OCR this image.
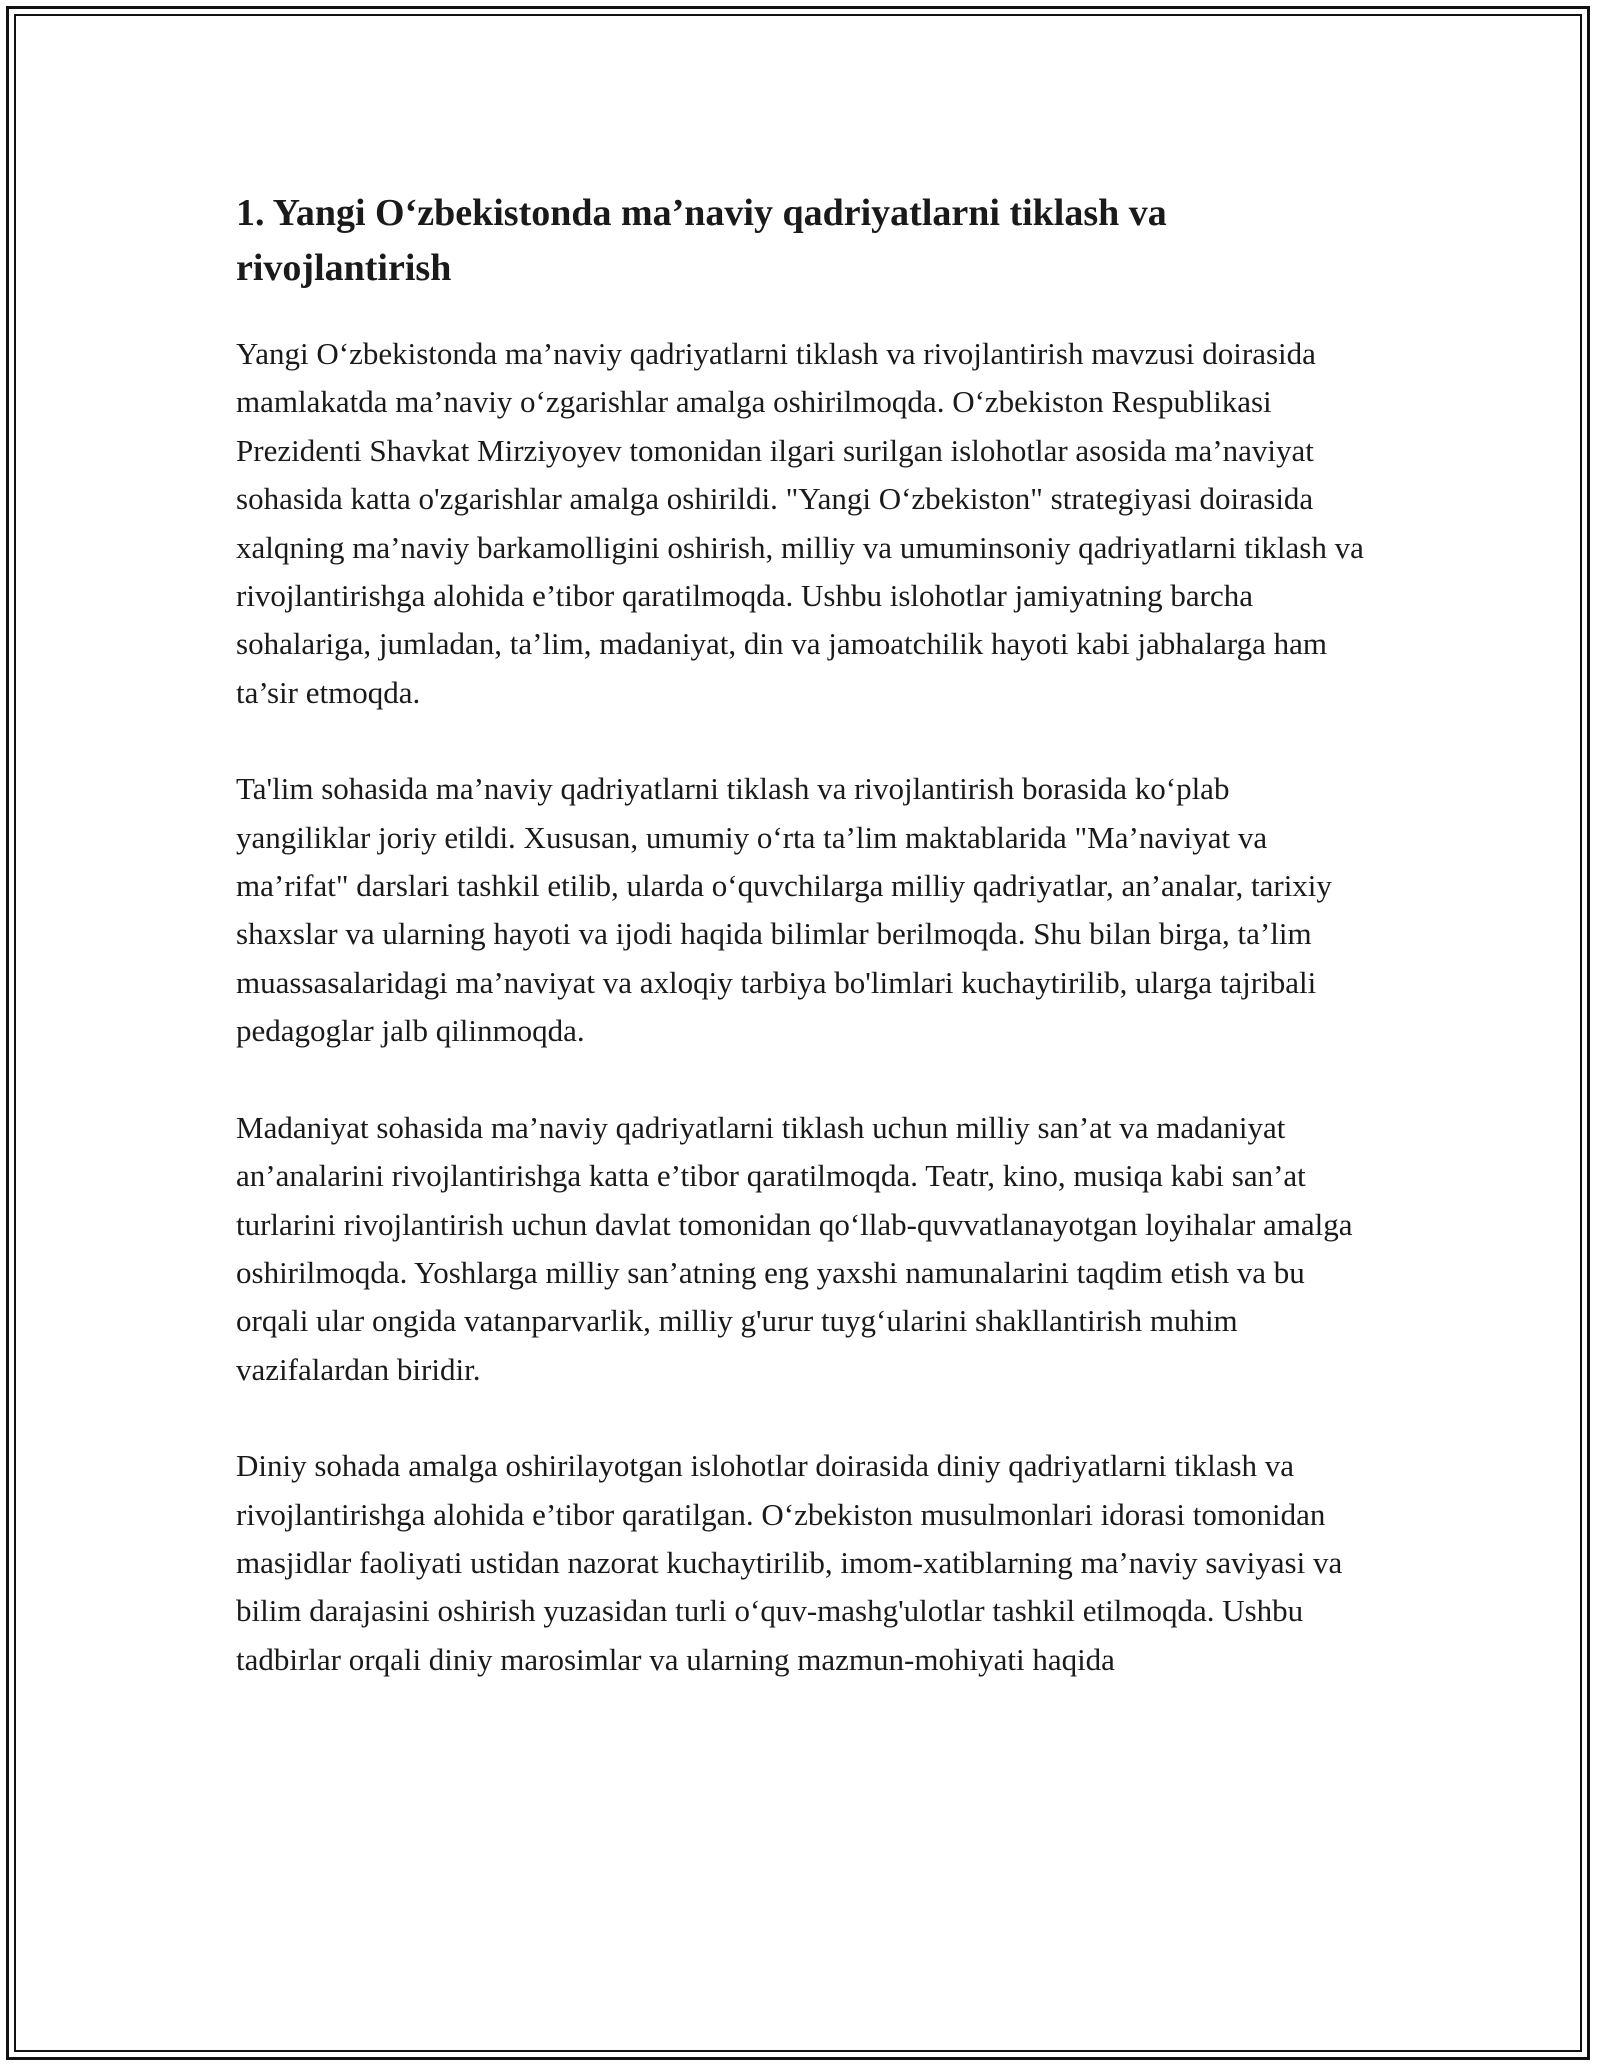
1. Yangi O‘zbekistonda ma’naviy qadriyatlarni tiklash va rivojlantirish

Yangi O‘zbekistonda ma’naviy qadriyatlarni tiklash va rivojlantirish mavzusi doirasida mamlakatda ma’naviy o‘zgarishlar amalga oshirilmoqda. O‘zbekiston Respublikasi Prezidenti Shavkat Mirziyoyev tomonidan ilgari surilgan islohotlar asosida ma’naviyat sohasida katta o'zgarishlar amalga oshirildi. "Yangi O‘zbekiston" strategiyasi doirasida xalqning ma’naviy barkamolligini oshirish, milliy va umuminsoniy qadriyatlarni tiklash va rivojlantirishga alohida e’tibor qaratilmoqda. Ushbu islohotlar jamiyatning barcha sohalariga, jumladan, ta’lim, madaniyat, din va jamoatchilik hayoti kabi jabhalarga ham ta’sir etmoqda.

Ta'lim sohasida ma’naviy qadriyatlarni tiklash va rivojlantirish borasida ko‘plab yangiliklar joriy etildi. Xususan, umumiy o‘rta ta’lim maktablarida "Ma’naviyat va ma’rifat" darslari tashkil etilib, ularda o‘quvchilarga milliy qadriyatlar, an’analar, tarixiy shaxslar va ularning hayoti va ijodi haqida bilimlar berilmoqda. Shu bilan birga, ta’lim muassasalaridagi ma’naviyat va axloqiy tarbiya bo'limlari kuchaytirilib, ularga tajribali pedagoglar jalb qilinmoqda.

Madaniyat sohasida ma’naviy qadriyatlarni tiklash uchun milliy san’at va madaniyat an’analarini rivojlantirishga katta e’tibor qaratilmoqda. Teatr, kino, musiqa kabi san’at turlarini rivojlantirish uchun davlat tomonidan qo‘llab-quvvatlanayotgan loyihalar amalga oshirilmoqda. Yoshlarga milliy san’atning eng yaxshi namunalarini taqdim etish va bu orqali ular ongida vatanparvarlik, milliy g'urur tuyg‘ularini shakllantirish muhim vazifalardan biridir.

Diniy sohada amalga oshirilayotgan islohotlar doirasida diniy qadriyatlarni tiklash va rivojlantirishga alohida e’tibor qaratilgan. O‘zbekiston musulmonlari idorasi tomonidan masjidlar faoliyati ustidan nazorat kuchaytirilib, imom-xatiblarning ma’naviy saviyasi va bilim darajasini oshirish yuzasidan turli o‘quv-mashg'ulotlar tashkil etilmoqda. Ushbu tadbirlar orqali diniy marosimlar va ularning mazmun-mohiyati haqida
